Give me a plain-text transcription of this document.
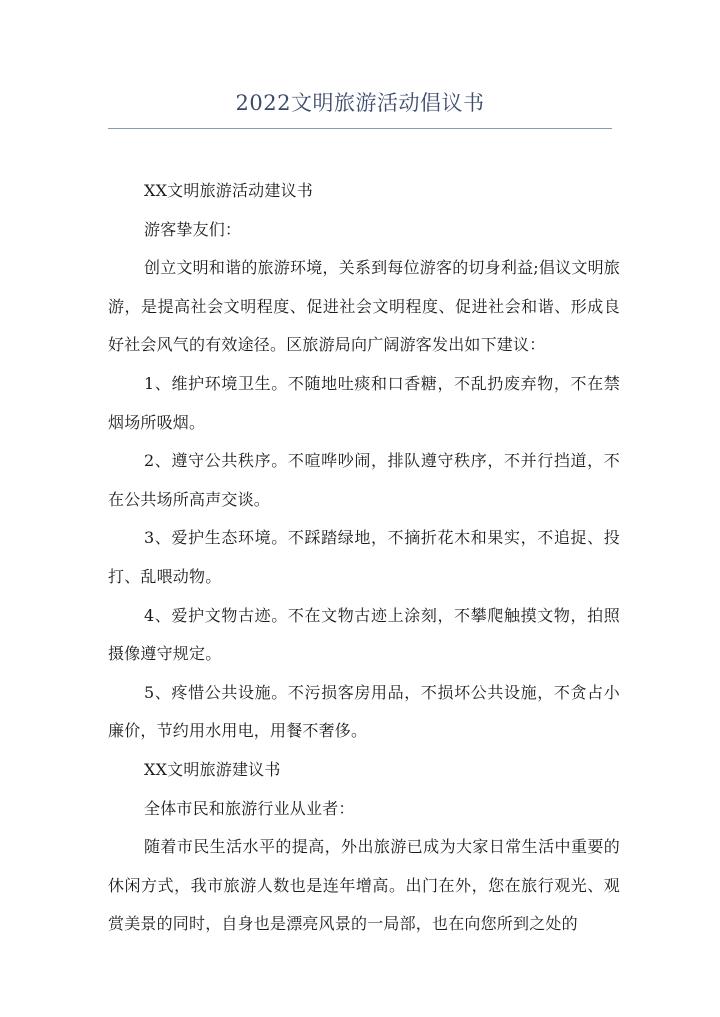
2022文明旅游活动倡议书

XX文明旅游活动建议书

游客挚友们：

创立文明和谐的旅游环境，关系到每位游客的切身利益;倡议文明旅游，是提高社会文明程度、促进社会文明程度、促进社会和谐、形成良好社会风气的有效途径。区旅游局向广阔游客发出如下建议：

1、维护环境卫生。不随地吐痰和口香糖，不乱扔废弃物，不在禁烟场所吸烟。

2、遵守公共秩序。不喧哗吵闹，排队遵守秩序，不并行挡道，不在公共场所高声交谈。

3、爱护生态环境。不踩踏绿地，不摘折花木和果实，不追捉、投打、乱喂动物。

4、爱护文物古迹。不在文物古迹上涂刻，不攀爬触摸文物，拍照摄像遵守规定。

5、疼惜公共设施。不污损客房用品，不损坏公共设施，不贪占小廉价，节约用水用电，用餐不奢侈。

XX文明旅游建议书

全体市民和旅游行业从业者：

随着市民生活水平的提高，外出旅游已成为大家日常生活中重要的休闲方式，我市旅游人数也是连年增高。出门在外，您在旅行观光、观赏美景的同时，自身也是漂亮风景的一局部，也在向您所到之处的
